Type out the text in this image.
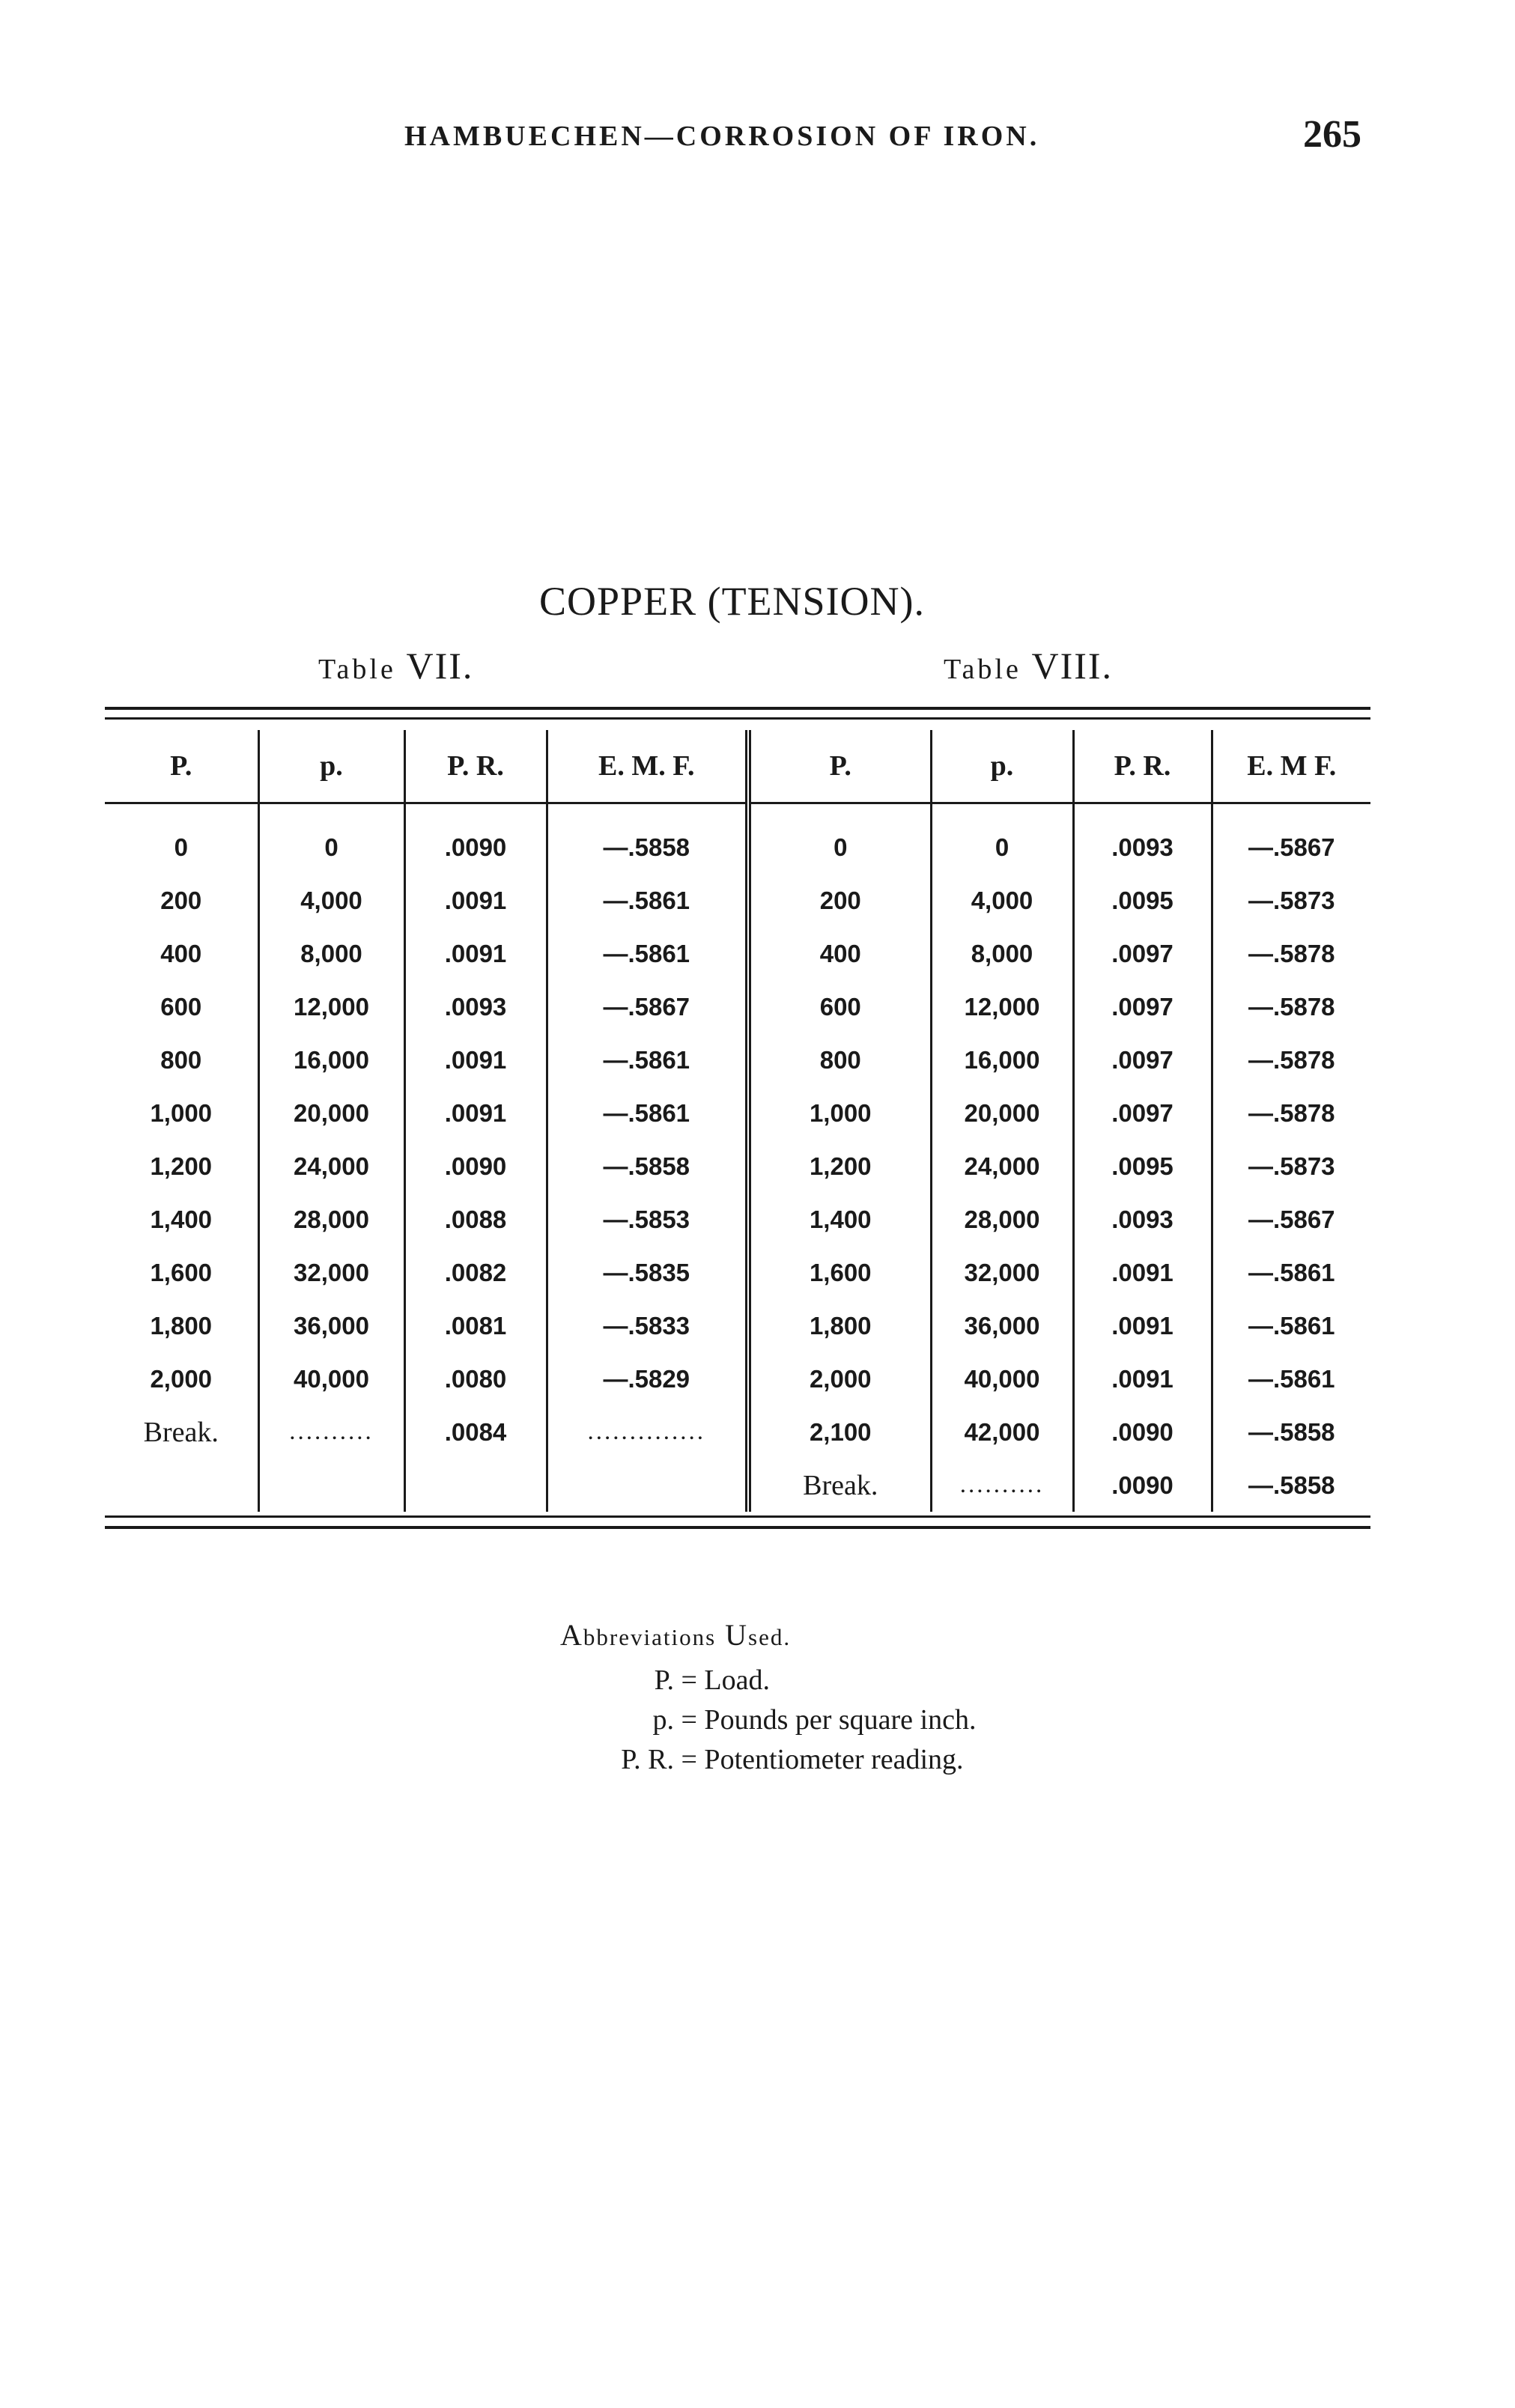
HAMBUECHEN—CORROSION OF IRON.	265
COPPER (TENSION).
Table VII.	Table VIII.
P.	p.	P. R.	E. M. F.
0	0	.0090	—.5858
200	4,000	.0091	—.5861
400	8,000	.0091	—.5861
600	12,000	.0093	—.5867
800	16,000	.0091	—.5861
1,000	20,000	.0091	—.5861
1,200	24,000	.0090	—.5858
1,400	28,000	.0088	—.5853
1,600	32,000	.0082	—.5835
1,800	36,000	.0081	—.5833
2,000	40,000	.0080	—.5829
Break.	..........	.0084	..............

P.	p.	P. R.	E. M F.
0	0	.0093	—.5867
200	4,000	.0095	—.5873
400	8,000	.0097	—.5878
600	12,000	.0097	—.5878
800	16,000	.0097	—.5878
1,000	20,000	.0097	—.5878
1,200	24,000	.0095	—.5873
1,400	28,000	.0093	—.5867
1,600	32,000	.0091	—.5861
1,800	36,000	.0091	—.5861
2,000	40,000	.0091	—.5861
2,100	42,000	.0090	—.5858
Break.	..........	.0090	—.5858
Abbreviations Used.
P. = Load.
p. = Pounds per square inch.
P. R. = Potentiometer reading.
